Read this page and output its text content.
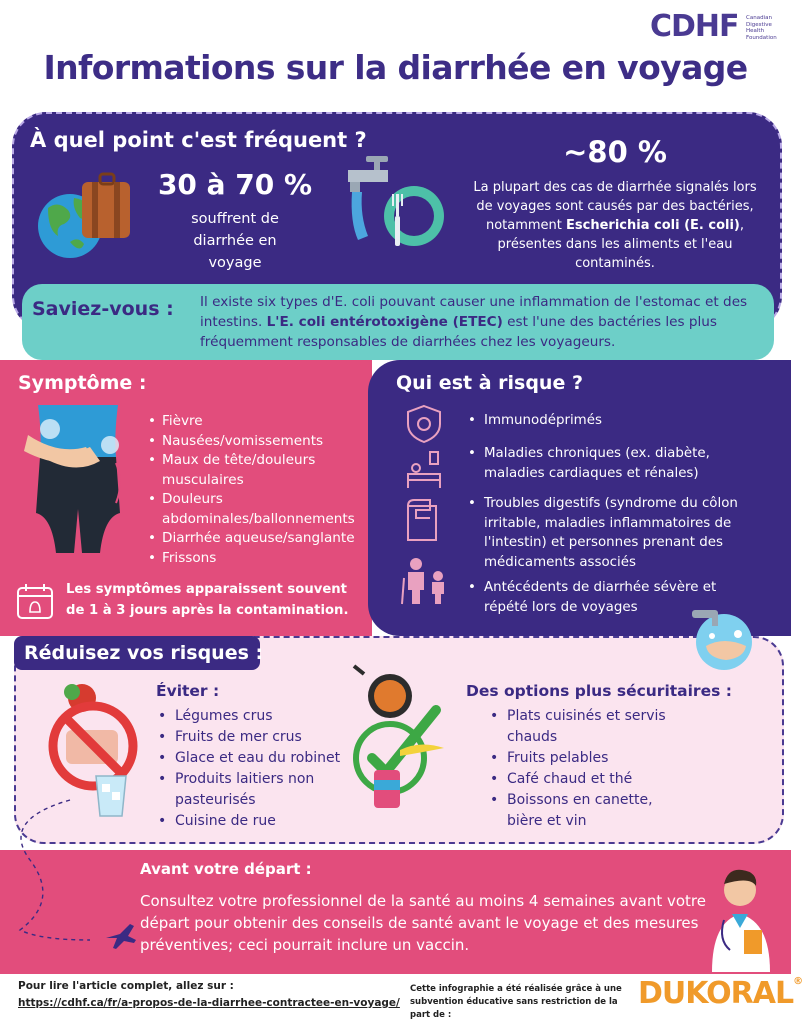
CDHF	Canadian Digestive Health Foundation
Informations sur la diarrhée en voyage
À quel point c'est fréquent ?
30 à 70 %
souffrent de diarrhée en voyage
~80 %
La plupart des cas de diarrhée signalés lors de voyages sont causés par des bactéries, notamment Escherichia coli (E. coli), présentes dans les aliments et l'eau contaminés.
Saviez-vous : Il existe six types d'E. coli pouvant causer une inflammation de l'estomac et des intestins. L'E. coli entérotoxigène (ETEC) est l'une des bactéries les plus fréquemment responsables de diarrhées chez les voyageurs.
Symptôme :
• Fièvre
• Nausées/vomissements
• Maux de tête/douleurs musculaires
• Douleurs abdominales/ballonnements
• Diarrhée aqueuse/sanglante
• Frissons
Les symptômes apparaissent souvent de 1 à 3 jours après la contamination.
Qui est à risque ?
• Immunodéprimés
• Maladies chroniques (ex. diabète, maladies cardiaques et rénales)
• Troubles digestifs (syndrome du côlon irritable, maladies inflammatoires de l'intestin) et personnes prenant des médicaments associés
• Antécédents de diarrhée sévère et répété lors de voyages
Réduisez vos risques :
Éviter :
• Légumes crus
• Fruits de mer crus
• Glace et eau du robinet
• Produits laitiers non pasteurisés
• Cuisine de rue
Des options plus sécuritaires :
• Plats cuisinés et servis chauds
• Fruits pelables
• Café chaud et thé
• Boissons en canette, bière et vin
Avant votre départ :
Consultez votre professionnel de la santé au moins 4 semaines avant votre départ pour obtenir des conseils de santé avant le voyage et des mesures préventives; ceci pourrait inclure un vaccin.
Pour lire l'article complet, allez sur :
https://cdhf.ca/fr/a-propos-de-la-diarrhee-contractee-en-voyage/
Cette infographie a été réalisée grâce à une subvention éducative sans restriction de la part de :
DUKORAL®
